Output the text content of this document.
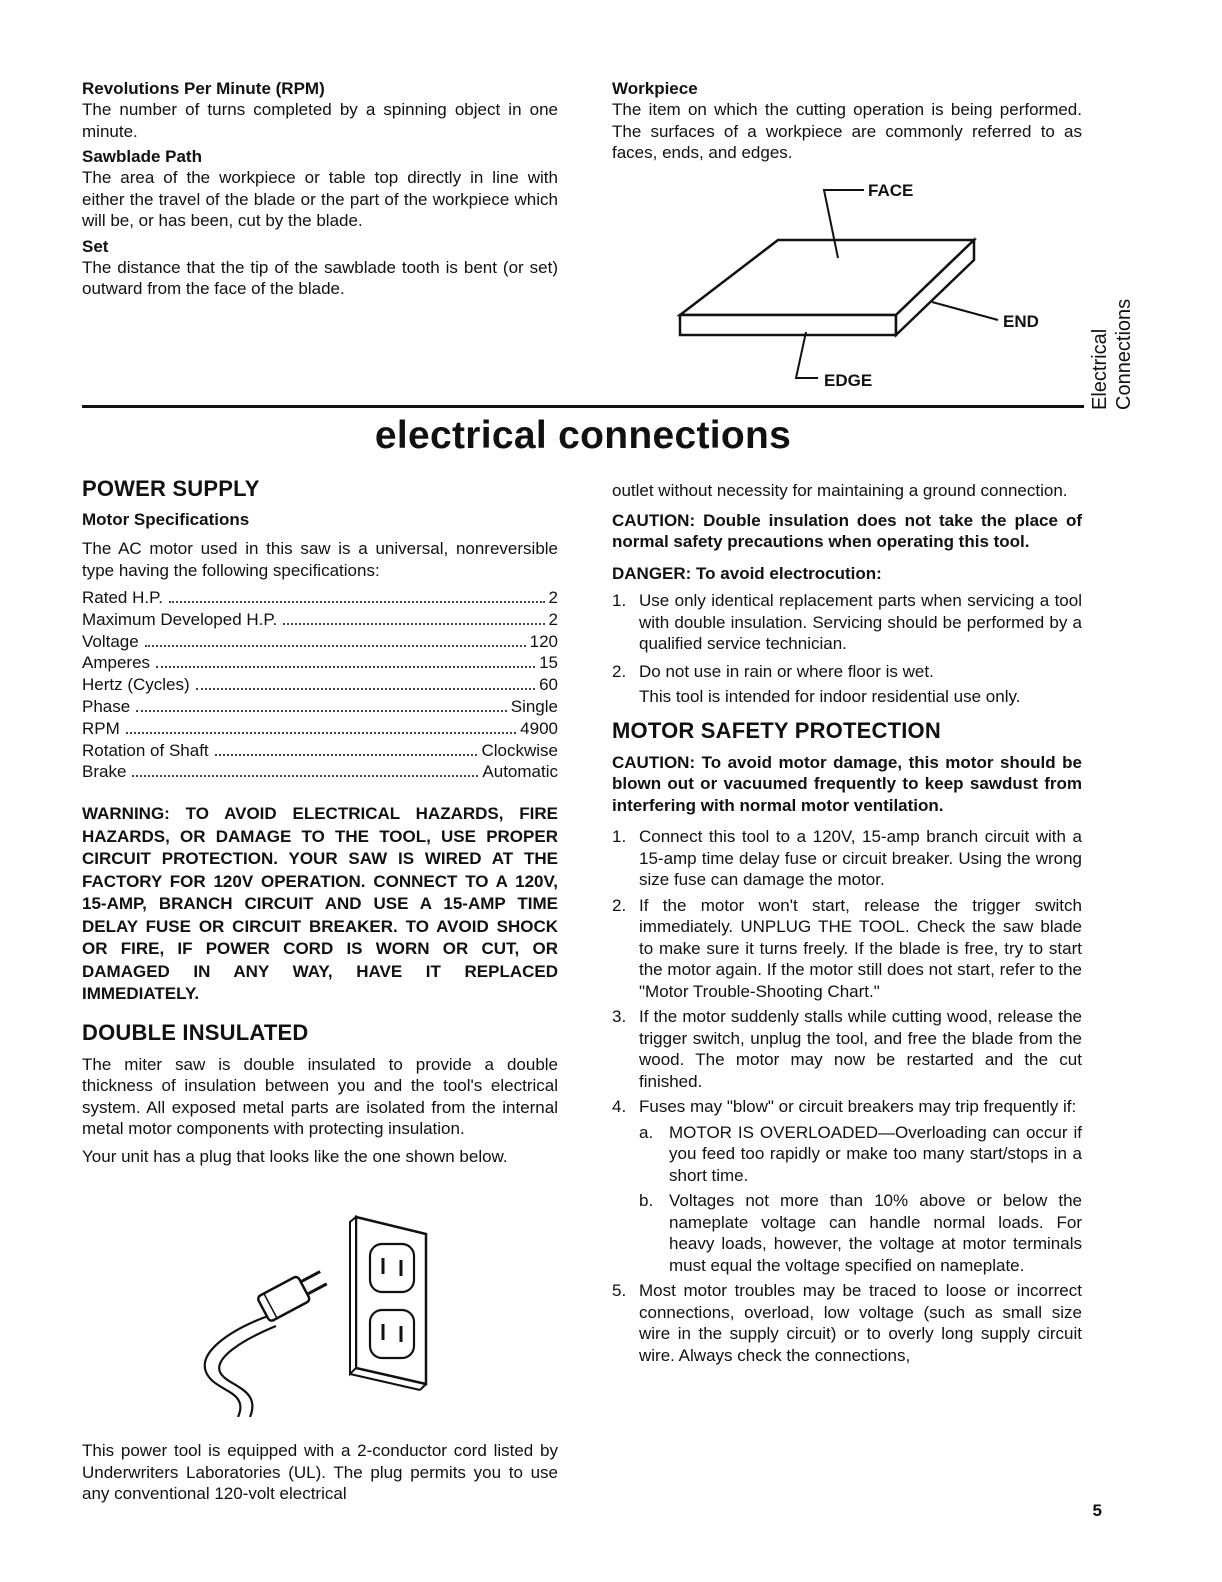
Revolutions Per Minute (RPM)

The number of turns completed by a spinning object in one minute.

Sawblade Path

The area of the workpiece or table top directly in line with either the travel of the blade or the part of the workpiece which will be, or has been, cut by the blade.

Set

The distance that the tip of the sawblade tooth is bent (or set) outward from the face of the blade.

Workpiece

The item on which the cutting operation is being performed. The surfaces of a workpiece are commonly referred to as faces, ends, and edges.

FACE
END
EDGE	Electrical Connections
electrical connections
POWER SUPPLY
Motor Specifications

The AC motor used in this saw is a universal, nonreversible type having the following specifications:

Rated H.P.	2
Maximum Developed H.P.	2
Voltage	120
Amperes	15
Hertz (Cycles)	60
Phase	Single
RPM	4900
Rotation of Shaft	Clockwise
Brake	Automatic

WARNING: TO AVOID ELECTRICAL HAZARDS, FIRE HAZARDS, OR DAMAGE TO THE TOOL, USE PROPER CIRCUIT PROTECTION. YOUR SAW IS WIRED AT THE FACTORY FOR 120V OPERATION. CONNECT TO A 120V, 15-AMP, BRANCH CIRCUIT AND USE A 15-AMP TIME DELAY FUSE OR CIRCUIT BREAKER. TO AVOID SHOCK OR FIRE, IF POWER CORD IS WORN OR CUT, OR DAMAGED IN ANY WAY, HAVE IT REPLACED IMMEDIATELY.

DOUBLE INSULATED

The miter saw is double insulated to provide a double thickness of insulation between you and the tool's electrical system. All exposed metal parts are isolated from the internal metal motor components with protecting insulation.

Your unit has a plug that looks like the one shown below.

This power tool is equipped with a 2-conductor cord listed by Underwriters Laboratories (UL). The plug permits you to use any conventional 120-volt electrical

outlet without necessity for maintaining a ground connection.

CAUTION: Double insulation does not take the place of normal safety precautions when operating this tool.

DANGER: To avoid electrocution:

1. Use only identical replacement parts when servicing a tool with double insulation. Servicing should be performed by a qualified service technician.
2. Do not use in rain or where floor is wet.

This tool is intended for indoor residential use only.

MOTOR SAFETY PROTECTION

CAUTION: To avoid motor damage, this motor should be blown out or vacuumed frequently to keep sawdust from interfering with normal motor ventilation.

1. Connect this tool to a 120V, 15-amp branch circuit with a 15-amp time delay fuse or circuit breaker. Using the wrong size fuse can damage the motor.
2. If the motor won't start, release the trigger switch immediately. UNPLUG THE TOOL. Check the saw blade to make sure it turns freely. If the blade is free, try to start the motor again. If the motor still does not start, refer to the "Motor Trouble-Shooting Chart."
3. If the motor suddenly stalls while cutting wood, release the trigger switch, unplug the tool, and free the blade from the wood. The motor may now be restarted and the cut finished.
4. Fuses may "blow" or circuit breakers may trip frequently if:
a. MOTOR IS OVERLOADED—Overloading can occur if you feed too rapidly or make too many start/stops in a short time.
b. Voltages not more than 10% above or below the nameplate voltage can handle normal loads. For heavy loads, however, the voltage at motor terminals must equal the voltage specified on nameplate.
5. Most motor troubles may be traced to loose or incorrect connections, overload, low voltage (such as small size wire in the supply circuit) or to overly long supply circuit wire. Always check the connections,
5
